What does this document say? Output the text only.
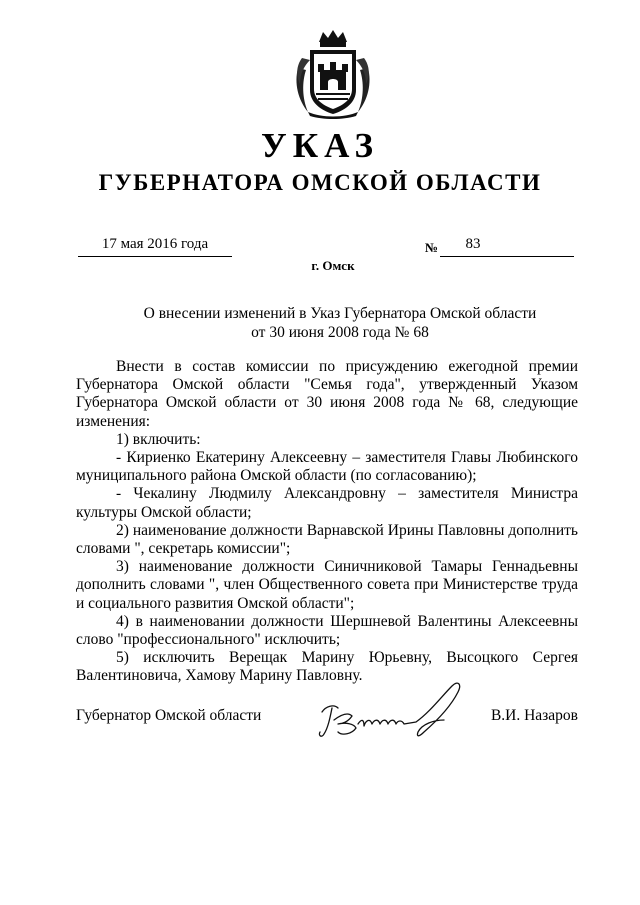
УКАЗ
ГУБЕРНАТОРА ОМСКОЙ ОБЛАСТИ
17 мая 2016 года	№	83
г. Омск
О внесении изменений в Указ Губернатора Омской области
от 30 июня 2008 года № 68

Внести в состав комиссии по присуждению ежегодной премии Губернатора Омской области "Семья года", утвержденный Указом Губернатора Омской области от 30 июня 2008 года № 68, следующие изменения:

1) включить:

- Кириенко Екатерину Алексеевну – заместителя Главы Любинского муниципального района Омской области (по согласованию);

- Чекалину Людмилу Александровну – заместителя Министра культуры Омской области;

2) наименование должности Варнавской Ирины Павловны дополнить словами ", секретарь комиссии";

3) наименование должности Синичниковой Тамары Геннадьевны дополнить словами ", член Общественного совета при Министерстве труда и социального развития Омской области";

4) в наименовании должности Шершневой Валентины Алексеевны слово "профессионального" исключить;

5) исключить Верещак Марину Юрьевну, Высоцкого Сергея Валентиновича, Хамову Марину Павловну.

Губернатор Омской области	В.И. Назаров
